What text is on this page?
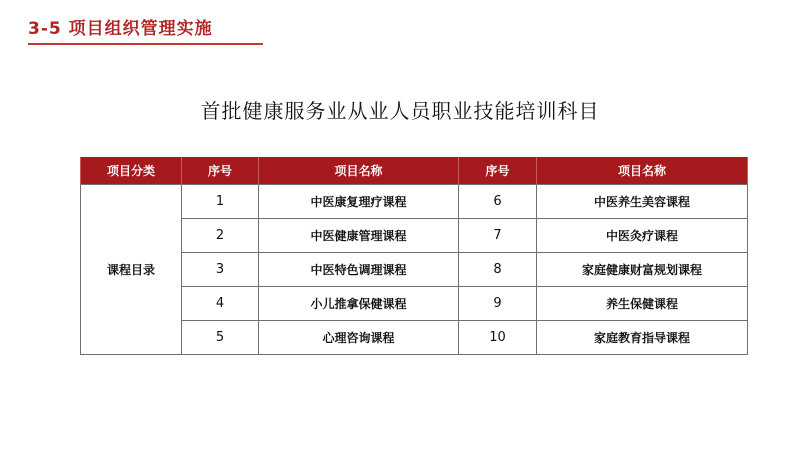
3-5 项目组织管理实施
首批健康服务业从业人员职业技能培训科目
项目分类	序号	项目名称	序号	项目名称
课程目录	1	中医康复理疗课程	6	中医养生美容课程
	2	中医健康管理课程	7	中医灸疗课程
	3	中医特色调理课程	8	家庭健康财富规划课程
	4	小儿推拿保健课程	9	养生保健课程
	5	心理咨询课程	10	家庭教育指导课程
